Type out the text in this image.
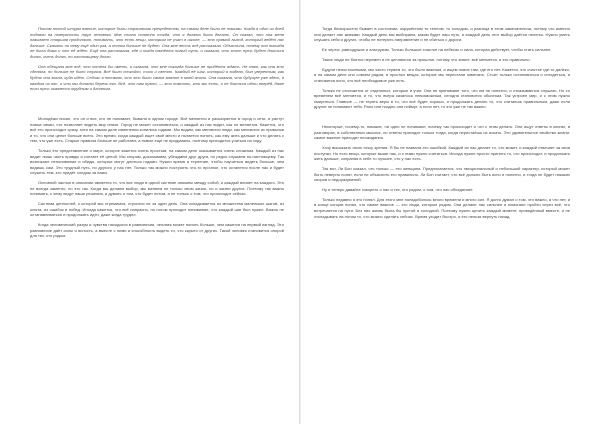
Потом ночной штурм взятие, которые были страшными прецедентом, на самом деле были не такими. Когда в один из дней подняли на поверхность труп человека. Мне стало понятно тогда, что я должна была делать. Он сказал, что она меня называет старшая продолжит, понимать, что есть вещи, которым не учат в школе, — это прямой выход, который ведёт нас дальше. Сказать по нему ещё один раз, а потом больше не будет. Она мне весть всё рассказала. Объяснила, почему она никогда не была дома и что её ждёт. Ещё она рассказала, где и когда начнётся новый путь, и сказала, что этот путь будет длиться долго, очень долго, по-настоящему долго.

Она обещала мне всё, что хотела бы иметь, и сказала, что мне никогда больше не придётся ждать. Не знаю, как она это сделала, но больше не было страха. Всё было спокойно, тихо и светло. Каждый её шаг, который я видела, был уверенным, как будто она знала, куда идёт. Сейчас я понимаю, что это было самое важное в моей жизни. Она сказала, что будущее уже здесь, в каждом из нас, и что мы должны беречь его. Всё, что нам нужно, — это помнить, кто мы есть, и не бояться идти вперёд, даже если путь окажется трудным и длинным.

Молодёжи писал, что он и все, кто не понимает, бывали в одном городе. Всё меняется и расширяется в город и сети, и растут новые связи, что позволяет видеть мир иначе. Город не может остановиться, и каждый из нас видит, как он меняется. Кажется, что всё это происходит сразу, хотя на самом деле изменения копились годами. Мы видим, как меняются люди, как меняются их привычки и то, что они ценят больше всего. Это время, когда каждый ищет своё место и пытается понять, как ему жить дальше и что делать с тем, что уже есть. Старые правила больше не работают, а новые ещё не придуманы, поэтому приходится учиться на ходу.

Только это представление о мире, которое кажется очень простым, на самом деле оказывается очень сложным. Каждый из нас видит лишь часть правды и считает её целой. Мы спорим, доказываем, убеждаем друг друга, но редко слушаем по-настоящему. Так возникают непонимание и обиды, которые могут длиться годами. Нужно время и терпение, чтобы научиться видеть больше, чем видишь сам. Это трудный путь, но другого у нас нет. Только так можно построить что-то прочное, что останется после нас и будет служить тем, кто придёт следом за нами.

Основной частью в описании является то, что все люди в одной системе связаны между собой, и каждый влияет на каждого. Это не всегда заметно, но это так. Когда мы делаем выбор, мы меняем не только свою жизнь, но и жизни других. Поэтому так важно понимать, к чему ведут наши решения, и думать о том, что будет потом, а не только о том, что происходит сейчас.

Система ценностей, к которой мы стремимся, строится не за один день. Она складывается из множества маленьких шагов, из опыта, из ошибок и побед. Иногда кажется, что всё напрасно, но потом приходит понимание, что каждый шаг был нужен. Важно не останавливаться и продолжать идти, даже когда трудно.

Когда человеческий разум и чувства находятся в равновесии, человек может понять больше, чем кажется на первый взгляд. Это равновесие даёт силы и ясность, а вместе с ними и способность видеть то, что скрыто от других. Такой человек становится опорой для тех, кто рядом.

Тогда бескорыстно бывает в состоянии, окружённом то теплом, то холодом, и разница в этом замечательна, потому что именно она делает нас живыми. Каждый день мы выбираем, каким будет наш путь, и каждый день этот выбор даётся нелегко. Нужно уметь слушать себя и других, чтобы не потерять направление и не сбиться с дороги.

Ее черты: равнодушие и альтруизм. Только большое счастье на небесах и сила, которая действует, чтобы стать сильнее.

Такие люди не боятся перемен и не цепляются за прошлое, потому что знают: всё меняется, и это правильно.

Будучи непостоянными, мы часто теряем то, что было важным, и ищем новое там, где его нет. Кажется, что счастье где-то далеко, а на самом деле оно совсем рядом, в простых вещах, которые мы перестали замечать. Стоит только остановиться и оглядеться, и становится ясно, что всё необходимое уже есть.

Только не отличается от отдельных, которые и учат. Они не принимают того, что им не понятно, и отказываются слушать. Но со временем всё меняется, и то, что вчера казалось невозможным, сегодня становится обычным. Так устроен мир, и с этим нужно смириться. Главное — не терять веры в то, что всё будет хорошо, и продолжать делать то, что считаешь правильным, даже если другие не понимают тебя. Рано или поздно они поймут, а если нет, то это уже не так важно.

Некоторые, почему-то, никакие, ни одно не понимают, почему так происходит и что с этим делать. Они ищут ответы в книгах, в разговорах, в собственных мыслях, но ответы приходят только тогда, когда перестаёшь их искать. Это удивительное свойство жизни: самое важное приходит неожиданно.

Хочу высказать свою точку зрения. Я бы не назвала это ошибкой. Каждый из нас делает то, что может, и каждый отвечает за свои поступки. Но есть вещи, которые выше нас, и с ними нужно считаться. Иногда нужно просто принять то, что происходит, и продолжать жить дальше, сохраняя в себе то лучшее, что у нас есть.

Так вот, Ли Бон сказал, что только — это женщина. Предполагается, что эмоциональный и небольшой характер, который может быть неверно понят, если не объяснить его правильно. Ли Бон считает, что всё должно быть ясно и понятно, и тогда не будет никаких споров и недоразумений.

Ну и теперь давайте говорить о нас и тех, кто рядом, о том, что нас объединяет.

Только недавно я это понял. Для этого мне понадобилось много времени и много сил. Я долго думал о том, что важно, а что нет, и в конце концов понял, что самое важное — это люди, которые рядом. Они делают нас сильнее и помогают пройти через всё, что встречается на пути. Без них жизнь была бы пустой и холодной. Поэтому нужно ценить каждый момент, проведённый вместе, и не откладывать на потом то, что можно сделать сейчас. Время уходит быстро, и его нельзя вернуть назад.
